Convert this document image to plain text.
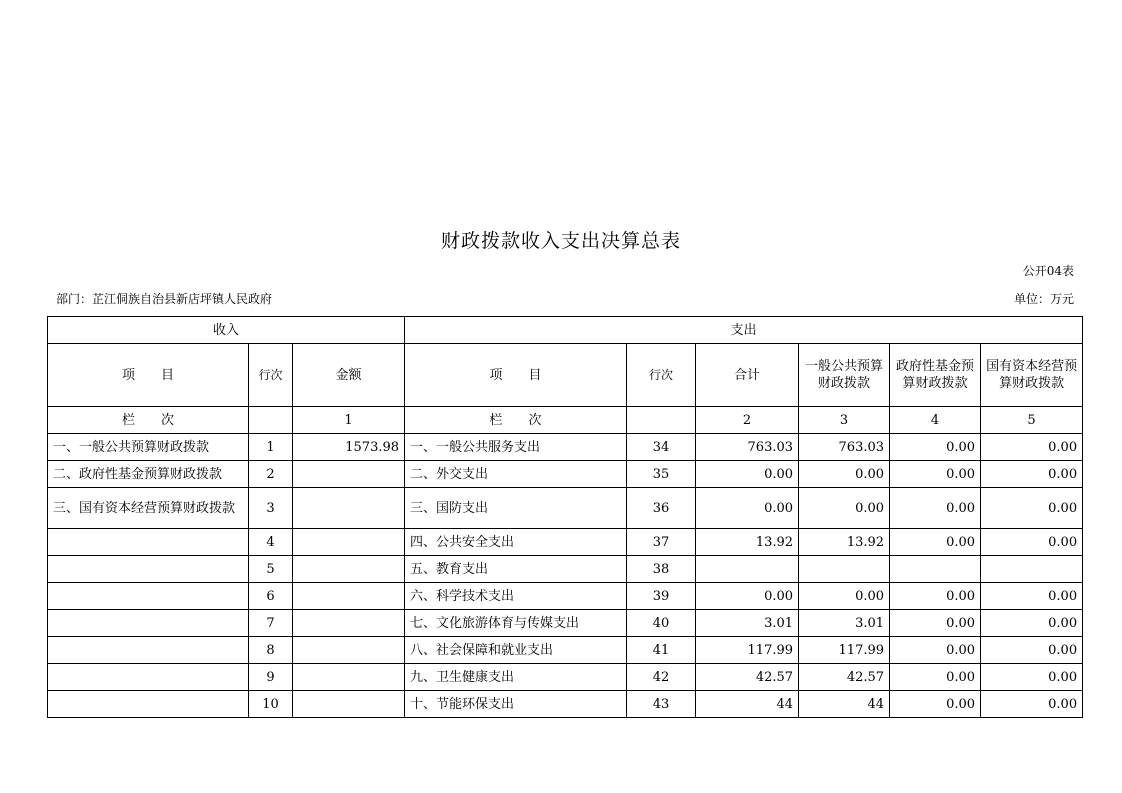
财政拨款收入支出决算总表
公开04表
部门：芷江侗族自治县新店坪镇人民政府	单位：万元
收入			支出					
项　　目	行次	金额	项　　目	行次	合计	一般公共预算财政拨款	政府性基金预算财政拨款	国有资本经营预算财政拨款
栏　　次		1	栏　　次		2	3	4	5
一、一般公共预算财政拨款	1	1573.98	一、一般公共服务支出	34	763.03	763.03	0.00	0.00
二、政府性基金预算财政拨款	2		二、外交支出	35	0.00	0.00	0.00	0.00
三、国有资本经营预算财政拨款	3		三、国防支出	36	0.00	0.00	0.00	0.00
	4		四、公共安全支出	37	13.92	13.92	0.00	0.00
	5		五、教育支出	38				
	6		六、科学技术支出	39	0.00	0.00	0.00	0.00
	7		七、文化旅游体育与传媒支出	40	3.01	3.01	0.00	0.00
	8		八、社会保障和就业支出	41	117.99	117.99	0.00	0.00
	9		九、卫生健康支出	42	42.57	42.57	0.00	0.00
	10		十、节能环保支出	43	44	44	0.00	0.00
